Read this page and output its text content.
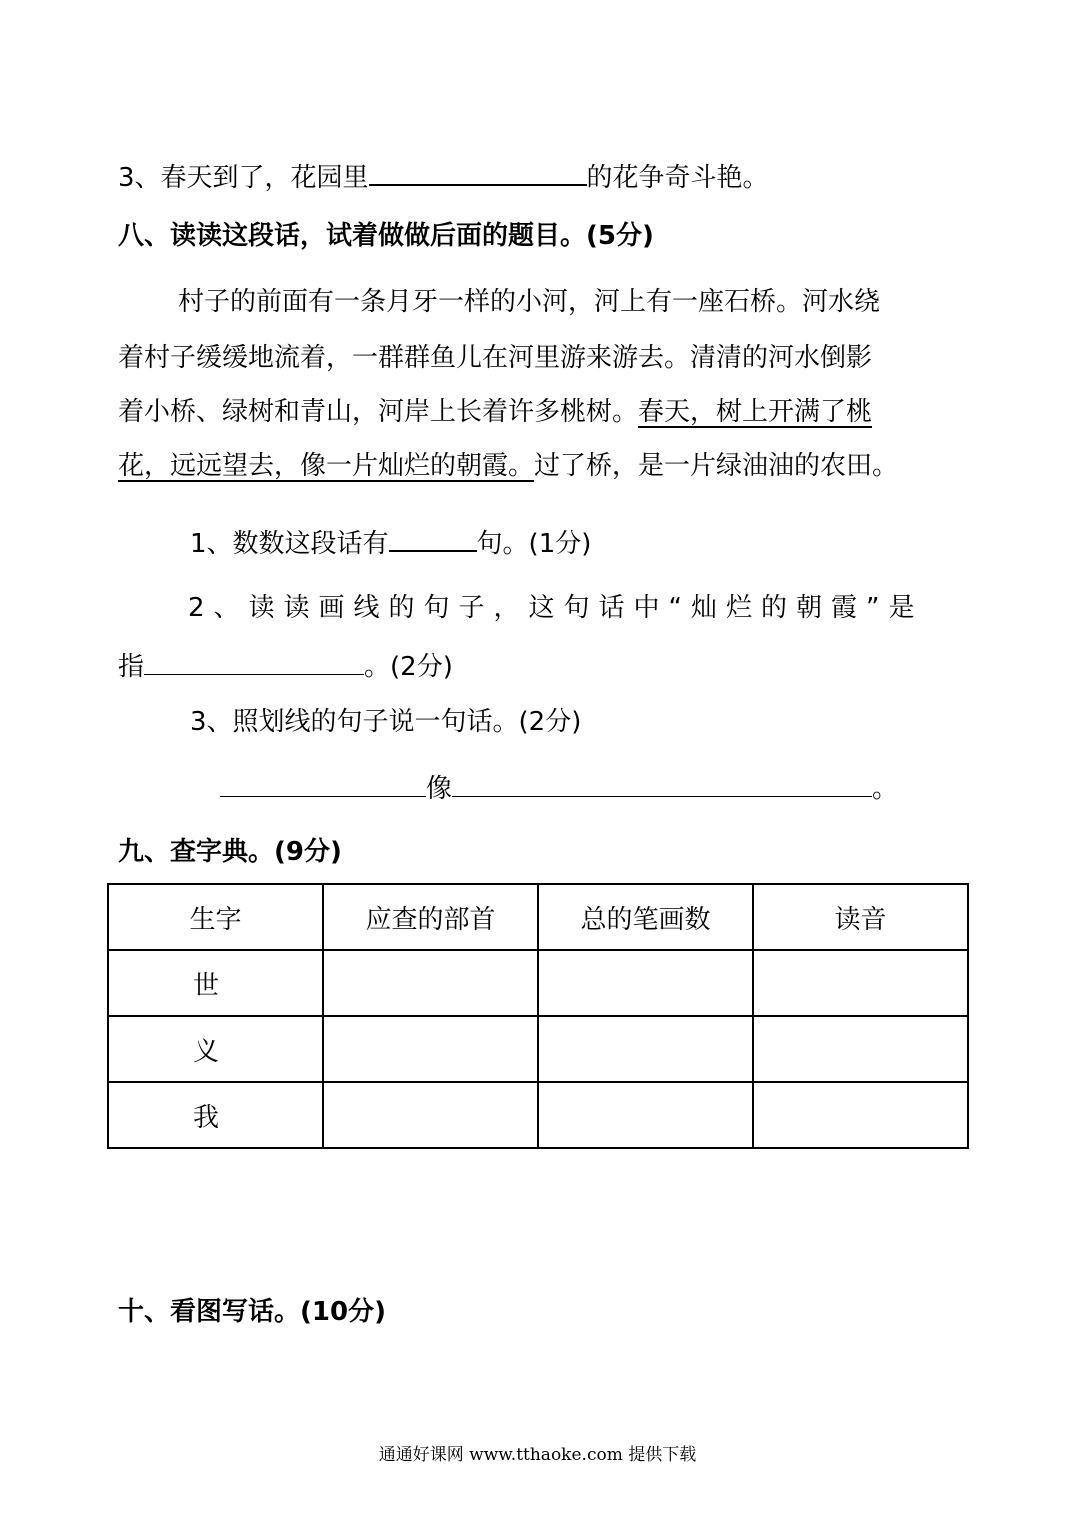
3、春天到了，花园里	的花争奇斗艳。
八、读读这段话，试着做做后面的题目。(5分)
村子的前面有一条月牙一样的小河，河上有一座石桥。河水绕
着村子缓缓地流着，一群群鱼儿在河里游来游去。清清的河水倒影
着小桥、绿树和青山，河岸上长着许多桃树。春天，树上开满了桃
花，远远望去，像一片灿烂的朝霞。过了桥，是一片绿油油的农田。
1、数数这段话有	句。(1分)
2、读读画线的句子，这句话中“灿烂的朝霞”是
指	。(2分)
3、照划线的句子说一句话。(2分)
像	。
九、查字典。(9分)
生字	应查的部首	总的笔画数	读音
世			
义			
我			
十、看图写话。(10分)
通通好课网 www.tthaoke.com 提供下载
